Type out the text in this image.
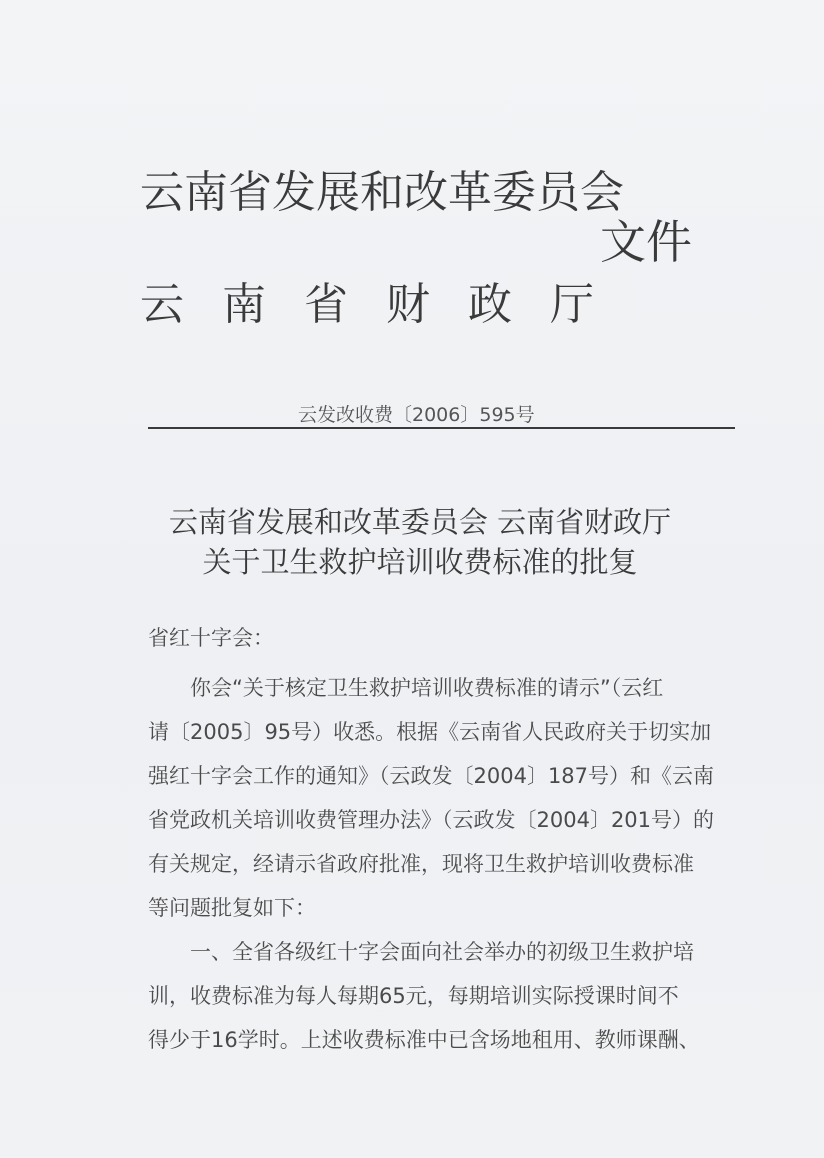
云南省发展和改革委员会
文件
云南省财政厅
云发改收费〔2006〕595号
云南省发展和改革委员会 云南省财政厅
关于卫生救护培训收费标准的批复
省红十字会：
你会“关于核定卫生救护培训收费标准的请示”（云红
请〔2005〕95号）收悉。根据《云南省人民政府关于切实加
强红十字会工作的通知》（云政发〔2004〕187号）和《云南
省党政机关培训收费管理办法》（云政发〔2004〕201号）的
有关规定，经请示省政府批准，现将卫生救护培训收费标准
等问题批复如下：
一、全省各级红十字会面向社会举办的初级卫生救护培
训，收费标准为每人每期65元，每期培训实际授课时间不
得少于16学时。上述收费标准中已含场地租用、教师课酬、
